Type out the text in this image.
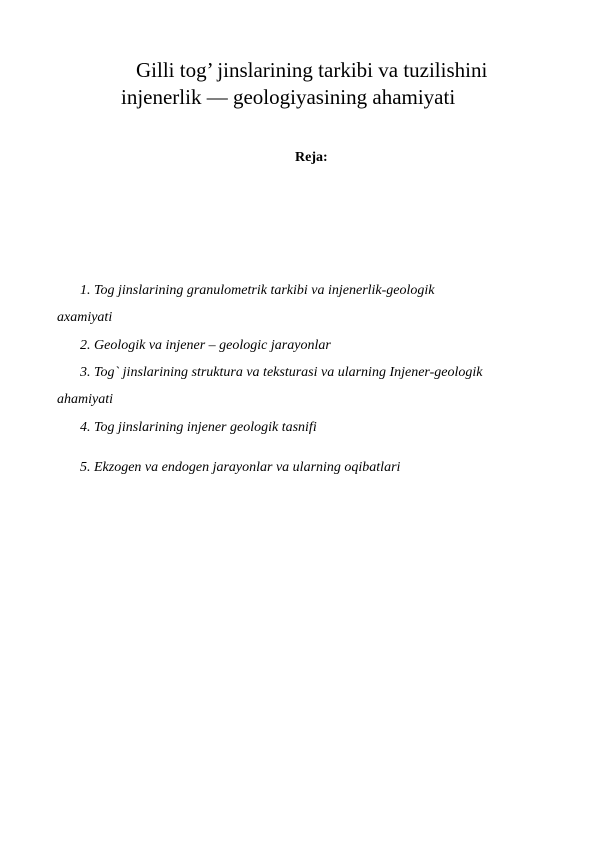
Gilli tog’ jinslarining tarkibi va tuzilishini
injenerlik — geologiyasining ahamiyati
Reja:
1. Tog jinslarining granulometrik tarkibi va injenerlik-geologik
axamiyati
2. Geologik va injener – geologic jarayonlar
3. Tog` jinslarining struktura va teksturasi va ularning Injener-geologik
ahamiyati
4. Tog jinslarining injener geologik tasnifi
5. Ekzogen va endogen jarayonlar va ularning oqibatlari
